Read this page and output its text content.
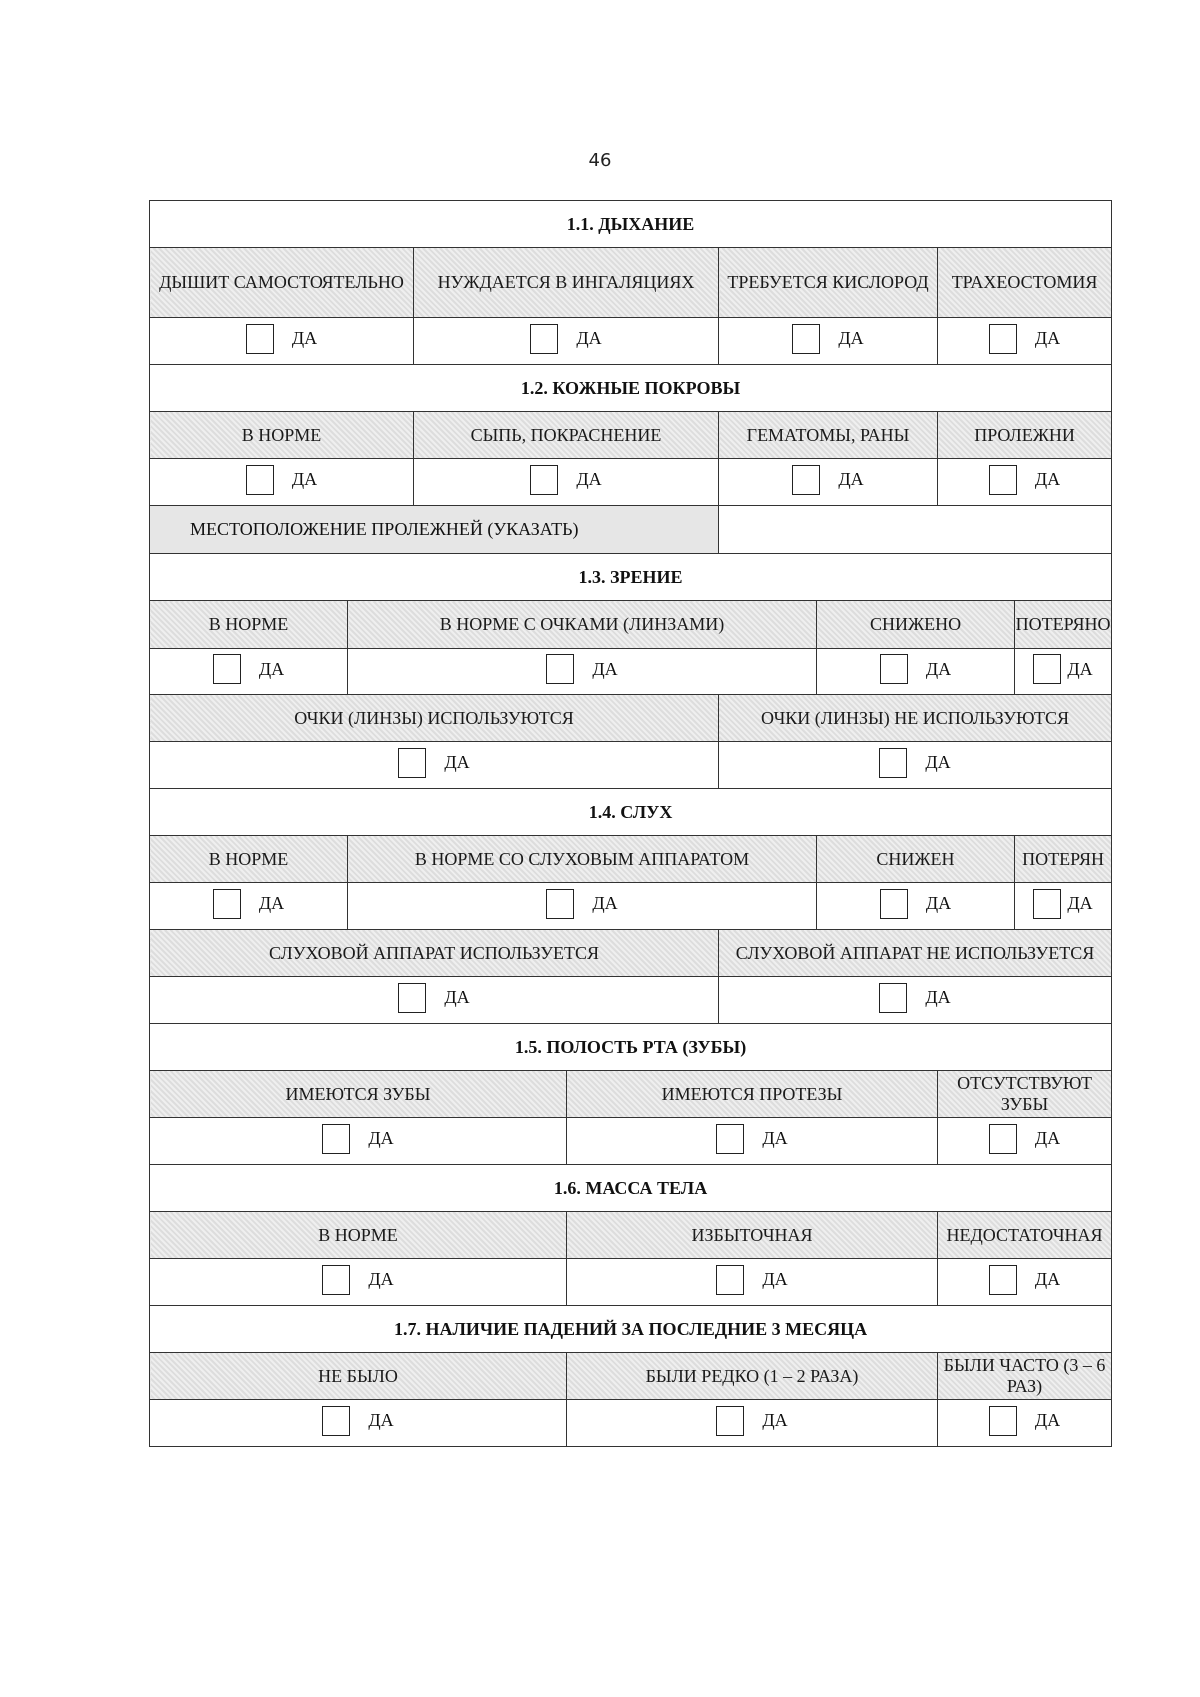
46
1.1. ДЫХАНИЕ							
ДЫШИТ САМОСТОЯТЕЛЬНО		НУЖДАЕТСЯ В ИНГАЛЯЦИЯХ		ТРЕБУЕТСЯ КИСЛОРОД		ТРАХЕОСТОМИЯ	

ДА		ДА		ДА		ДА	

1.2. КОЖНЫЕ ПОКРОВЫ							
В НОРМЕ		СЫПЬ, ПОКРАСНЕНИЕ		ГЕМАТОМЫ, РАНЫ		ПРОЛЕЖНИ	

ДА		ДА		ДА		ДА	

МЕСТОПОЛОЖЕНИЕ ПРОЛЕЖНЕЙ (УКАЗАТЬ)							
1.3. ЗРЕНИЕ							
В НОРМЕ	В НОРМЕ С ОЧКАМИ (ЛИНЗАМИ)				СНИЖЕНО		ПОТЕРЯНО

ДА	ДА				ДА		ДА

ОЧКИ (ЛИНЗЫ) ИСПОЛЬЗУЮТСЯ				ОЧКИ (ЛИНЗЫ) НЕ ИСПОЛЬЗУЮТСЯ			

ДА				ДА			

1.4. СЛУХ							
В НОРМЕ	В НОРМЕ СО СЛУХОВЫМ АППАРАТОМ				СНИЖЕН		ПОТЕРЯН

ДА	ДА				ДА		ДА

СЛУХОВОЙ АППАРАТ ИСПОЛЬЗУЕТСЯ				СЛУХОВОЙ АППАРАТ НЕ ИСПОЛЬЗУЕТСЯ			

ДА				ДА			

1.5. ПОЛОСТЬ РТА (ЗУБЫ)							
ИМЕЮТСЯ ЗУБЫ			ИМЕЮТСЯ ПРОТЕЗЫ			ОТСУТСТВУЮТ ЗУБЫ	

ДА			ДА			ДА	

1.6. МАССА ТЕЛА							
В НОРМЕ			ИЗБЫТОЧНАЯ			НЕДОСТАТОЧНАЯ	

ДА			ДА			ДА	

1.7. НАЛИЧИЕ ПАДЕНИЙ ЗА ПОСЛЕДНИЕ 3 МЕСЯЦА							
НЕ БЫЛО			БЫЛИ РЕДКО (1 – 2 РАЗА)			БЫЛИ ЧАСТО (3 – 6 РАЗ)	

ДА			ДА			ДА	
